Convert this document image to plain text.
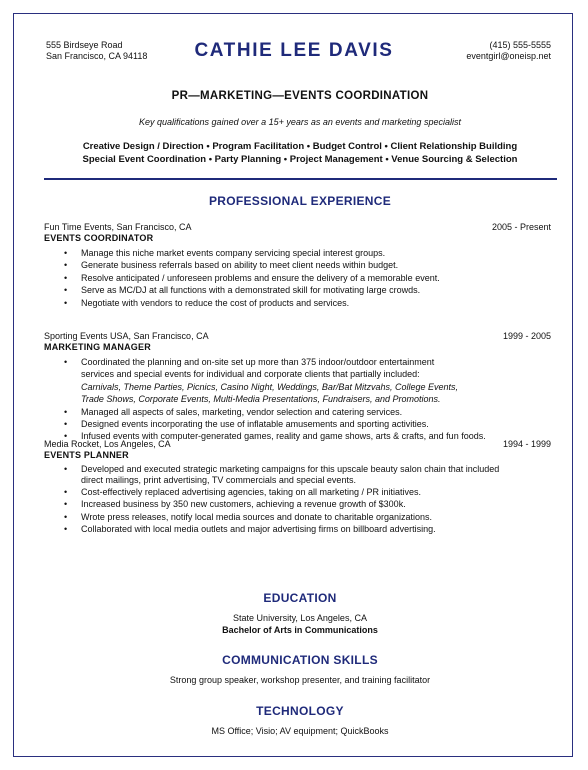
555 Birdseye Road
San Francisco, CA 94118	CATHIE LEE DAVIS	(415) 555-5555
eventgirl@oneisp.net
PR—MARKETING—EVENTS COORDINATION
Key qualifications gained over a 15+ years as an events and marketing specialist
Creative Design / Direction • Program Facilitation • Budget Control • Client Relationship Building
Special Event Coordination • Party Planning • Project Management • Venue Sourcing & Selection
PROFESSIONAL EXPERIENCE
Fun Time Events, San Francisco, CA	2005 - Present
EVENTS COORDINATOR
• Manage this niche market events company servicing special interest groups.
• Generate business referrals based on ability to meet client needs within budget.
• Resolve anticipated / unforeseen problems and ensure the delivery of a memorable event.
• Serve as MC/DJ at all functions with a demonstrated skill for motivating large crowds.
• Negotiate with vendors to reduce the cost of products and services.
Sporting Events USA, San Francisco, CA	1999 - 2005
MARKETING MANAGER
• Coordinated the planning and on-site set up more than 375 indoor/outdoor entertainment
services and special events for individual and corporate clients that partially included:
Carnivals, Theme Parties, Picnics, Casino Night, Weddings, Bar/Bat Mitzvahs, College Events,
Trade Shows, Corporate Events, Multi-Media Presentations, Fundraisers, and Promotions.
• Managed all aspects of sales, marketing, vendor selection and catering services.
• Designed events incorporating the use of inflatable amusements and sporting activities.
• Infused events with computer-generated games, reality and game shows, arts & crafts, and fun foods.
Media Rocket, Los Angeles, CA	1994 - 1999
EVENTS PLANNER
• Developed and executed strategic marketing campaigns for this upscale beauty salon chain that included
direct mailings, print advertising, TV commercials and special events.
• Cost-effectively replaced advertising agencies, taking on all marketing / PR initiatives.
• Increased business by 350 new customers, achieving a revenue growth of $300k.
• Wrote press releases, notify local media sources and donate to charitable organizations.
• Collaborated with local media outlets and major advertising firms on billboard advertising.
EDUCATION
State University, Los Angeles, CA
Bachelor of Arts in Communications
COMMUNICATION SKILLS
Strong group speaker, workshop presenter, and training facilitator
TECHNOLOGY
MS Office; Visio; AV equipment; QuickBooks
